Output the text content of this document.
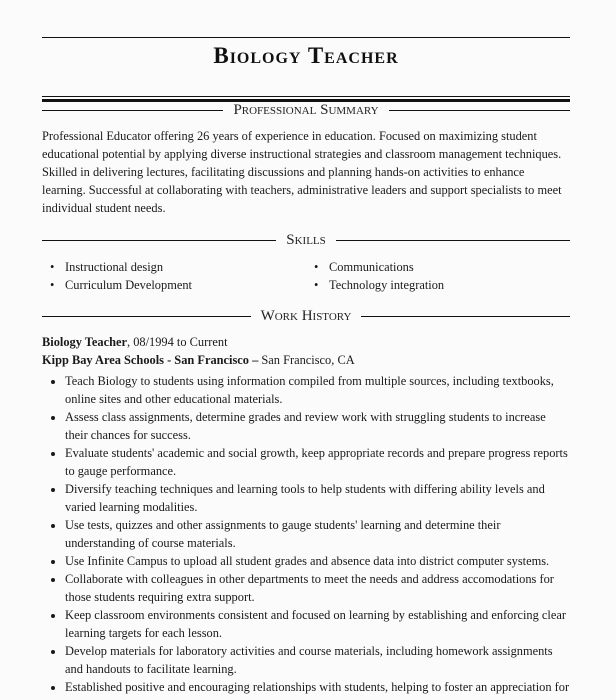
Biology Teacher
Professional Summary
Professional Educator offering 26 years of experience in education. Focused on maximizing student educational potential by applying diverse instructional strategies and classroom management techniques. Skilled in delivering lectures, facilitating discussions and planning hands-on activities to enhance learning. Successful at collaborating with teachers, administrative leaders and support specialists to meet individual student needs.
Skills
• Instructional design	• Communications
• Curriculum Development	• Technology integration
Work History
Biology Teacher, 08/1994 to Current
Kipp Bay Area Schools - San Francisco – San Francisco, CA
• Teach Biology to students using information compiled from multiple sources, including textbooks, online sites and other educational materials.
• Assess class assignments, determine grades and review work with struggling students to increase their chances for success.
• Evaluate students' academic and social growth, keep appropriate records and prepare progress reports to gauge performance.
• Diversify teaching techniques and learning tools to help students with differing ability levels and varied learning modalities.
• Use tests, quizzes and other assignments to gauge students' learning and determine their understanding of course materials.
• Use Infinite Campus to upload all student grades and absence data into district computer systems.
• Collaborate with colleagues in other departments to meet the needs and address accomodations for those students requiring extra support.
• Keep classroom environments consistent and focused on learning by establishing and enforcing clear learning targets for each lesson.
• Develop materials for laboratory activities and course materials, including homework assignments and handouts to facilitate learning.
• Established positive and encouraging relationships with students, helping to foster an appreciation for
